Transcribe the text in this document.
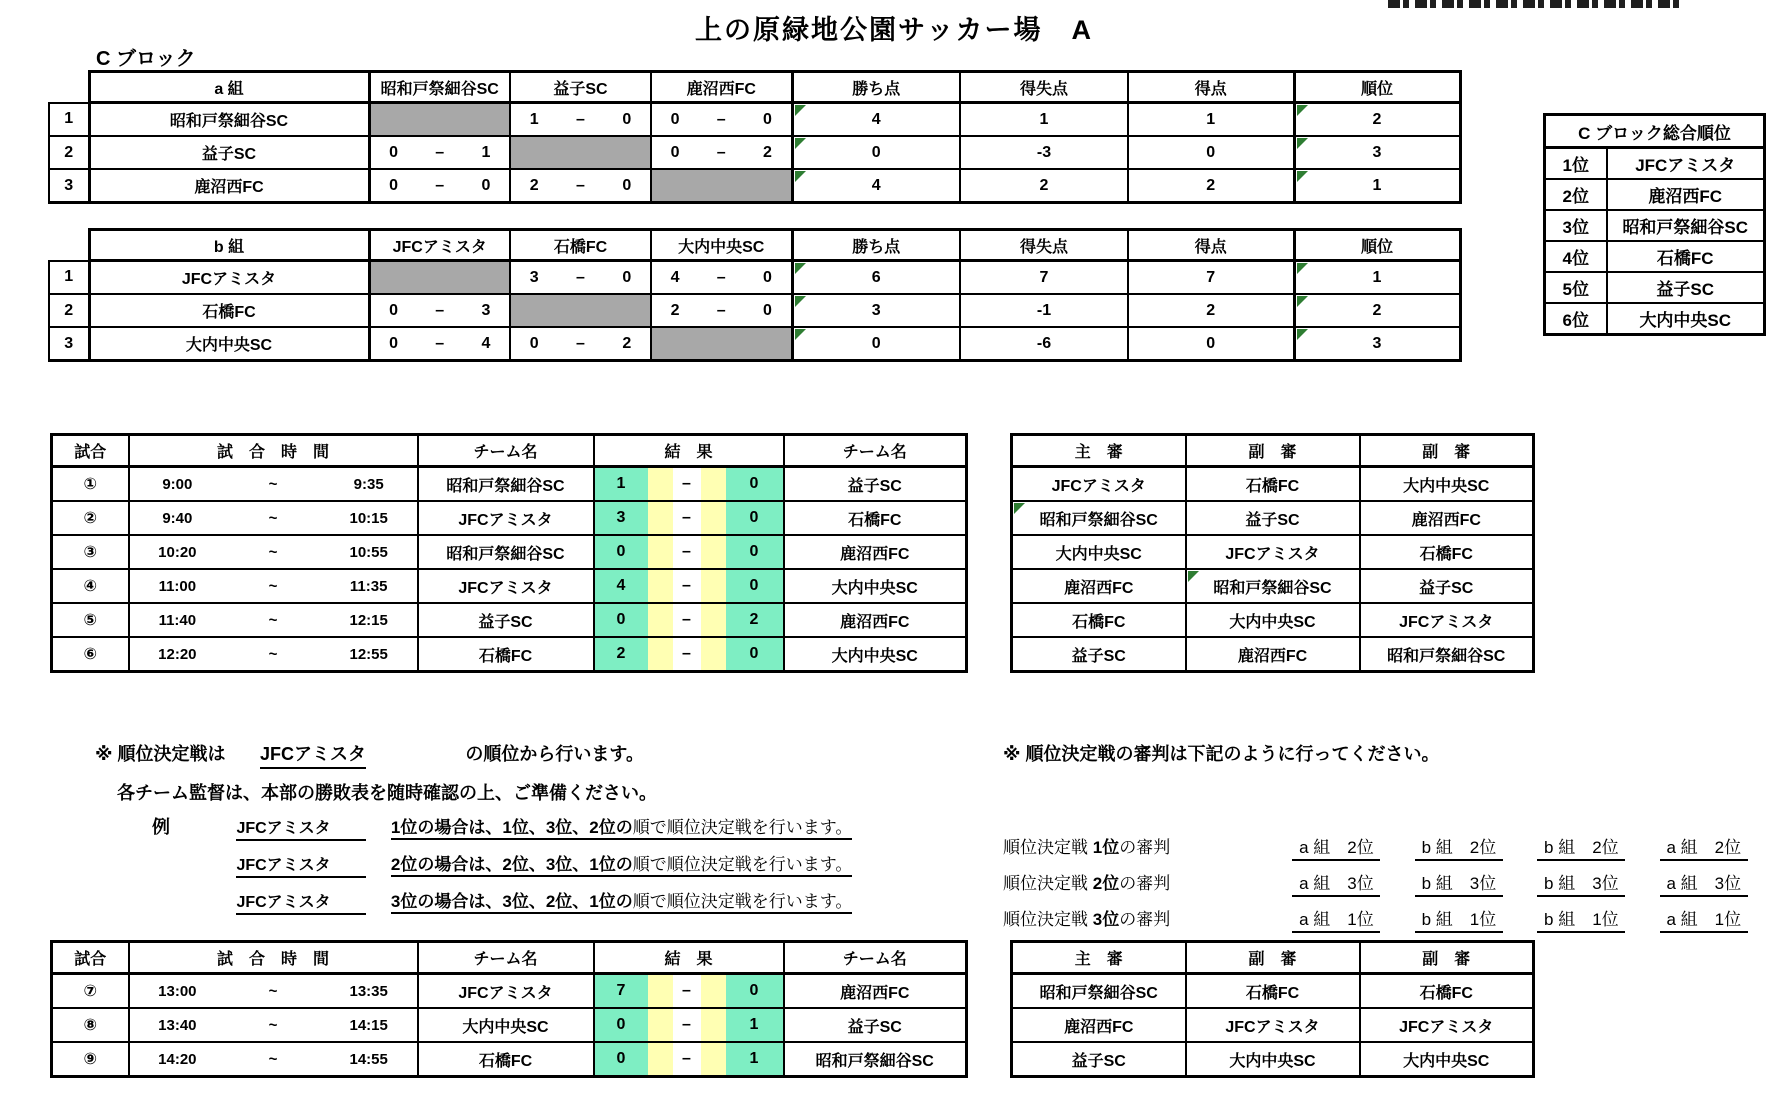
上の原緑地公園サッカー場　A
C ブロック
	a 組	昭和戸祭細谷SC	益子SC	鹿沼西FC	勝ち点	得失点	得点	順位
1	昭和戸祭細谷SC		1 – 0	0 – 0	4	1	1	2
2	益子SC	0 – 1		0 – 2	0	-3	0	3
3	鹿沼西FC	0 – 0	2 – 0		4	2	2	1
	b 組	JFCアミスタ	石橋FC	大内中央SC	勝ち点	得失点	得点	順位
1	JFCアミスタ		3 – 0	4 – 0	6	7	7	1
2	石橋FC	0 – 3		2 – 0	3	-1	2	2
3	大内中央SC	0 – 4	0 – 2		0	-6	0	3
C ブロック総合順位	
1位	JFCアミスタ
2位	鹿沼西FC
3位	昭和戸祭細谷SC
4位	石橋FC
5位	益子SC
6位	大内中央SC
試合	試　合　時　間	チーム名	結　果	チーム名
①	9:00 ~ 9:35	昭和戸祭細谷SC	1 – 0	益子SC
②	9:40 ~ 10:15	JFCアミスタ	3 – 0	石橋FC
③	10:20 ~ 10:55	昭和戸祭細谷SC	0 – 0	鹿沼西FC
④	11:00 ~ 11:35	JFCアミスタ	4 – 0	大内中央SC
⑤	11:40 ~ 12:15	益子SC	0 – 2	鹿沼西FC
⑥	12:20 ~ 12:55	石橋FC	2 – 0	大内中央SC
主　審	副　審	副　審
JFCアミスタ	石橋FC	大内中央SC
昭和戸祭細谷SC	益子SC	鹿沼西FC
大内中央SC	JFCアミスタ	石橋FC
鹿沼西FC	昭和戸祭細谷SC	益子SC
石橋FC	大内中央SC	JFCアミスタ
益子SC	鹿沼西FC	昭和戸祭細谷SC
※ 順位決定戦は JFCアミスタ	の順位から行います。
各チーム監督は、本部の勝敗表を随時確認の上、ご準備ください。
例	JFCアミスタ	1位の場合は、1位、3位、2位の順で順位決定戦を行います。
JFCアミスタ	2位の場合は、2位、3位、1位の順で順位決定戦を行います。
JFCアミスタ	3位の場合は、3位、2位、1位の順で順位決定戦を行います。
※ 順位決定戦の審判は下記のように行ってください。
順位決定戦 1位の審判	a 組　2位	b 組　2位	b 組　2位	a 組　2位
順位決定戦 2位の審判	a 組　3位	b 組　3位	b 組　3位	a 組　3位
順位決定戦 3位の審判	a 組　1位	b 組　1位	b 組　1位	a 組　1位
試合	試　合　時　間	チーム名	結　果	チーム名
⑦	13:00 ~ 13:35	JFCアミスタ	7 – 0	鹿沼西FC
⑧	13:40 ~ 14:15	大内中央SC	0 – 1	益子SC
⑨	14:20 ~ 14:55	石橋FC	0 – 1	昭和戸祭細谷SC
主　審	副　審	副　審
昭和戸祭細谷SC	石橋FC	石橋FC
鹿沼西FC	JFCアミスタ	JFCアミスタ
益子SC	大内中央SC	大内中央SC
